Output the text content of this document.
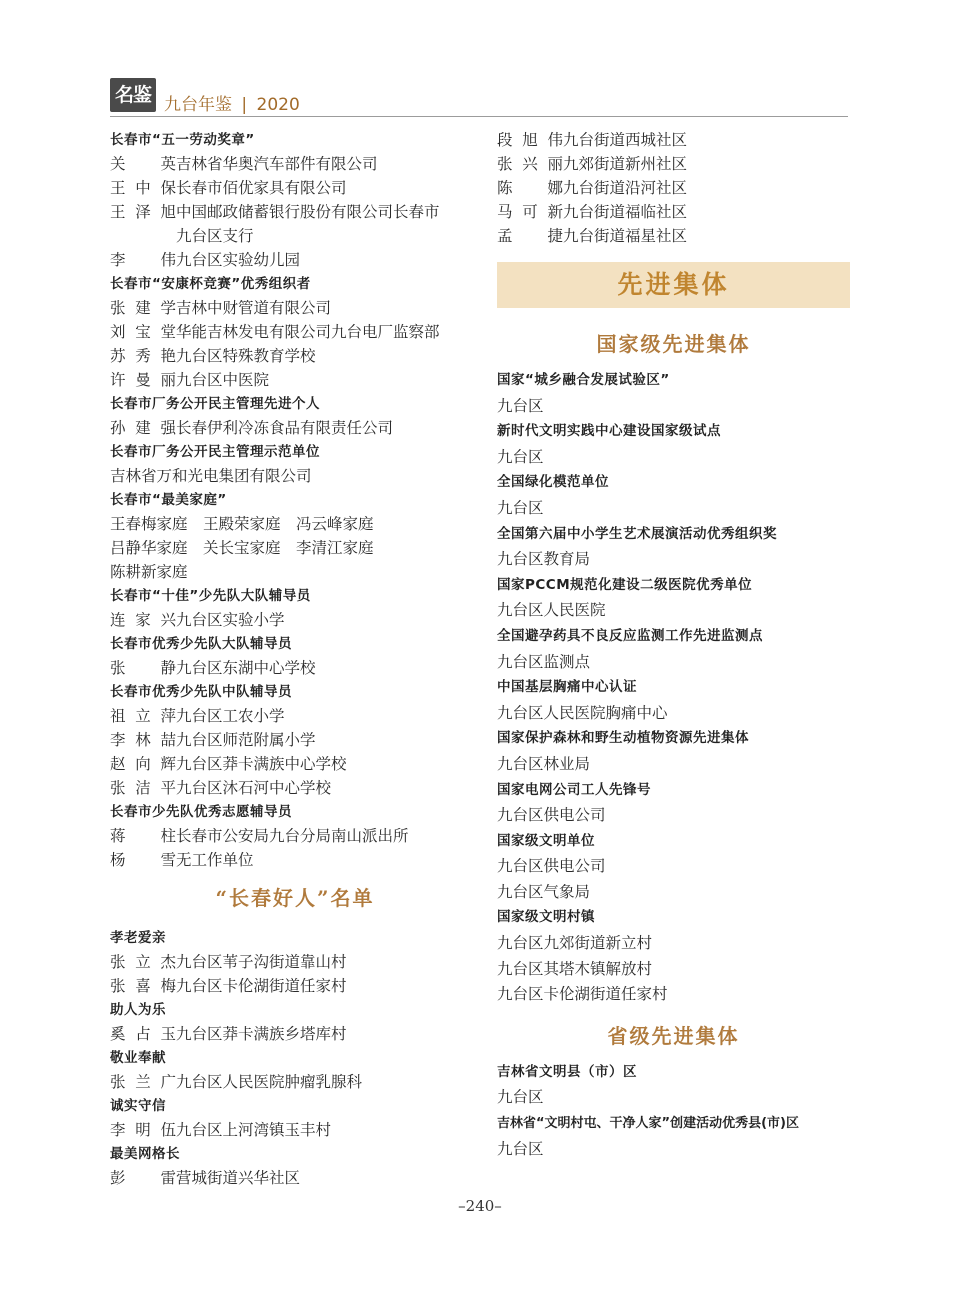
名鉴 九台年鉴 | 2020
长春市“五一劳动奖章”
关　英吉林省华奥汽车部件有限公司
王中保长春市佰优家具有限公司
王泽旭中国邮政储蓄银行股份有限公司长春市
九台区支行
李　伟九台区实验幼儿园
长春市“安康杯竞赛”优秀组织者
张建学吉林中财管道有限公司
刘宝堂华能吉林发电有限公司九台电厂监察部
苏秀艳九台区特殊教育学校
许曼丽九台区中医院
长春市厂务公开民主管理先进个人
孙建强长春伊利冷冻食品有限责任公司
长春市厂务公开民主管理示范单位
吉林省万和光电集团有限公司
长春市“最美家庭”
王春梅家庭　王殿荣家庭　冯云峰家庭
吕静华家庭　关长宝家庭　李清江家庭
陈耕新家庭
长春市“十佳”少先队大队辅导员
连家兴九台区实验小学
长春市优秀少先队大队辅导员
张　静九台区东湖中心学校
长春市优秀少先队中队辅导员
祖立萍九台区工农小学
李林喆九台区师范附属小学
赵向辉九台区莽卡满族中心学校
张洁平九台区沐石河中心学校
长春市少先队优秀志愿辅导员
蒋　柱长春市公安局九台分局南山派出所
杨　雪无工作单位
“长春好人”名单
孝老爱亲
张立杰九台区苇子沟街道靠山村
张喜梅九台区卡伦湖街道任家村
助人为乐
奚占玉九台区莽卡满族乡塔库村
敬业奉献
张兰广九台区人民医院肿瘤乳腺科
诚实守信
李明伍九台区上河湾镇玉丰村
最美网格长
彭　雷营城街道兴华社区
段旭伟九台街道西城社区
张兴丽九郊街道新州社区
陈　娜九台街道沿河社区
马可新九台街道福临社区
孟　捷九台街道福星社区
先进集体
国家级先进集体
国家“城乡融合发展试验区”
九台区
新时代文明实践中心建设国家级试点
九台区
全国绿化模范单位
九台区
全国第六届中小学生艺术展演活动优秀组织奖
九台区教育局
国家PCCM规范化建设二级医院优秀单位
九台区人民医院
全国避孕药具不良反应监测工作先进监测点
九台区监测点
中国基层胸痛中心认证
九台区人民医院胸痛中心
国家保护森林和野生动植物资源先进集体
九台区林业局
国家电网公司工人先锋号
九台区供电公司
国家级文明单位
九台区供电公司
九台区气象局
国家级文明村镇
九台区九郊街道新立村
九台区其塔木镇解放村
九台区卡伦湖街道任家村
省级先进集体
吉林省文明县（市）区
九台区
吉林省“文明村屯、干净人家”创建活动优秀县(市)区
九台区
–240–
